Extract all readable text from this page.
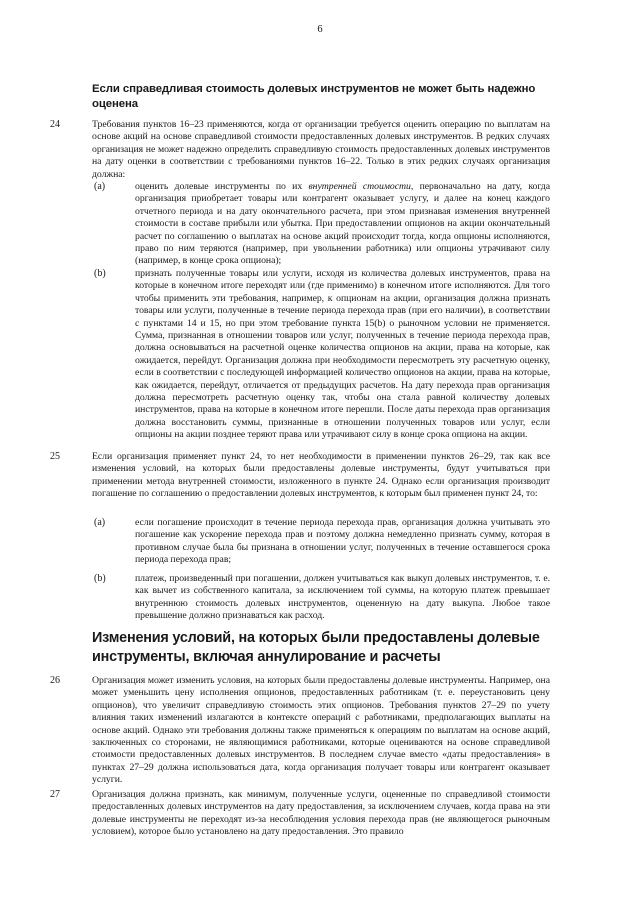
6
Если справедливая стоимость долевых инструментов не может быть надежно оценена
24	Требования пунктов 16–23 применяются, когда от организации требуется оценить операцию по выплатам на основе акций на основе справедливой стоимости предоставленных долевых инструментов. В редких случаях организация не может надежно определить справедливую стоимость предоставленных долевых инструментов на дату оценки в соответствии с требованиями пунктов 16–22. Только в этих редких случаях организация должна:
(a)	оценить долевые инструменты по их внутренней стоимости, первоначально на дату, когда организация приобретает товары или контрагент оказывает услугу, и далее на конец каждого отчетного периода и на дату окончательного расчета, при этом признавая изменения внутренней стоимости в составе прибыли или убытка. При предоставлении опционов на акции окончательный расчет по соглашению о выплатах на основе акций происходит тогда, когда опционы исполняются, право по ним теряются (например, при увольнении работника) или опционы утрачивают силу (например, в конце срока опциона);
(b)	признать полученные товары или услуги, исходя из количества долевых инструментов, права на которые в конечном итоге переходят или (где применимо) в конечном итоге исполняются. Для того чтобы применить эти требования, например, к опционам на акции, организация должна признать товары или услуги, полученные в течение периода перехода прав (при его наличии), в соответствии с пунктами 14 и 15, но при этом требование пункта 15(b) о рыночном условии не применяется. Сумма, признанная в отношении товаров или услуг, полученных в течение периода перехода прав, должна основываться на расчетной оценке количества опционов на акции, права на которые, как ожидается, перейдут. Организация должна при необходимости пересмотреть эту расчетную оценку, если в соответствии с последующей информацией количество опционов на акции, права на которые, как ожидается, перейдут, отличается от предыдущих расчетов. На дату перехода прав организация должна пересмотреть расчетную оценку так, чтобы она стала равной количеству долевых инструментов, права на которые в конечном итоге перешли. После даты перехода прав организация должна восстановить суммы, признанные в отношении полученных товаров или услуг, если опционы на акции позднее теряют права или утрачивают силу в конце срока опциона на акции.
25	Если организация применяет пункт 24, то нет необходимости в применении пунктов 26–29, так как все изменения условий, на которых были предоставлены долевые инструменты, будут учитываться при применении метода внутренней стоимости, изложенного в пункте 24. Однако если организация производит погашение по соглашению о предоставлении долевых инструментов, к которым был применен пункт 24, то:
(a)	если погашение происходит в течение периода перехода прав, организация должна учитывать это погашение как ускорение перехода прав и поэтому должна немедленно признать сумму, которая в противном случае была бы признана в отношении услуг, полученных в течение оставшегося срока периода перехода прав;
(b)	платеж, произведенный при погашении, должен учитываться как выкуп долевых инструментов, т. е. как вычет из собственного капитала, за исключением той суммы, на которую платеж превышает внутреннюю стоимость долевых инструментов, оцененную на дату выкупа. Любое такое превышение должно признаваться как расход.
Изменения условий, на которых были предоставлены долевые инструменты, включая аннулирование и расчеты
26	Организация может изменить условия, на которых были предоставлены долевые инструменты. Например, она может уменьшить цену исполнения опционов, предоставленных работникам (т. е. переустановить цену опционов), что увеличит справедливую стоимость этих опционов. Требования пунктов 27–29 по учету влияния таких изменений излагаются в контексте операций с работниками, предполагающих выплаты на основе акций. Однако эти требования должны также применяться к операциям по выплатам на основе акций, заключенных со сторонами, не являющимися работниками, которые оцениваются на основе справедливой стоимости предоставленных долевых инструментов. В последнем случае вместо «даты предоставления» в пунктах 27–29 должна использоваться дата, когда организация получает товары или контрагент оказывает услуги.
27	Организация должна признать, как минимум, полученные услуги, оцененные по справедливой стоимости предоставленных долевых инструментов на дату предоставления, за исключением случаев, когда права на эти долевые инструменты не переходят из-за несоблюдения условия перехода прав (не являющегося рыночным условием), которое было установлено на дату предоставления. Это правило
